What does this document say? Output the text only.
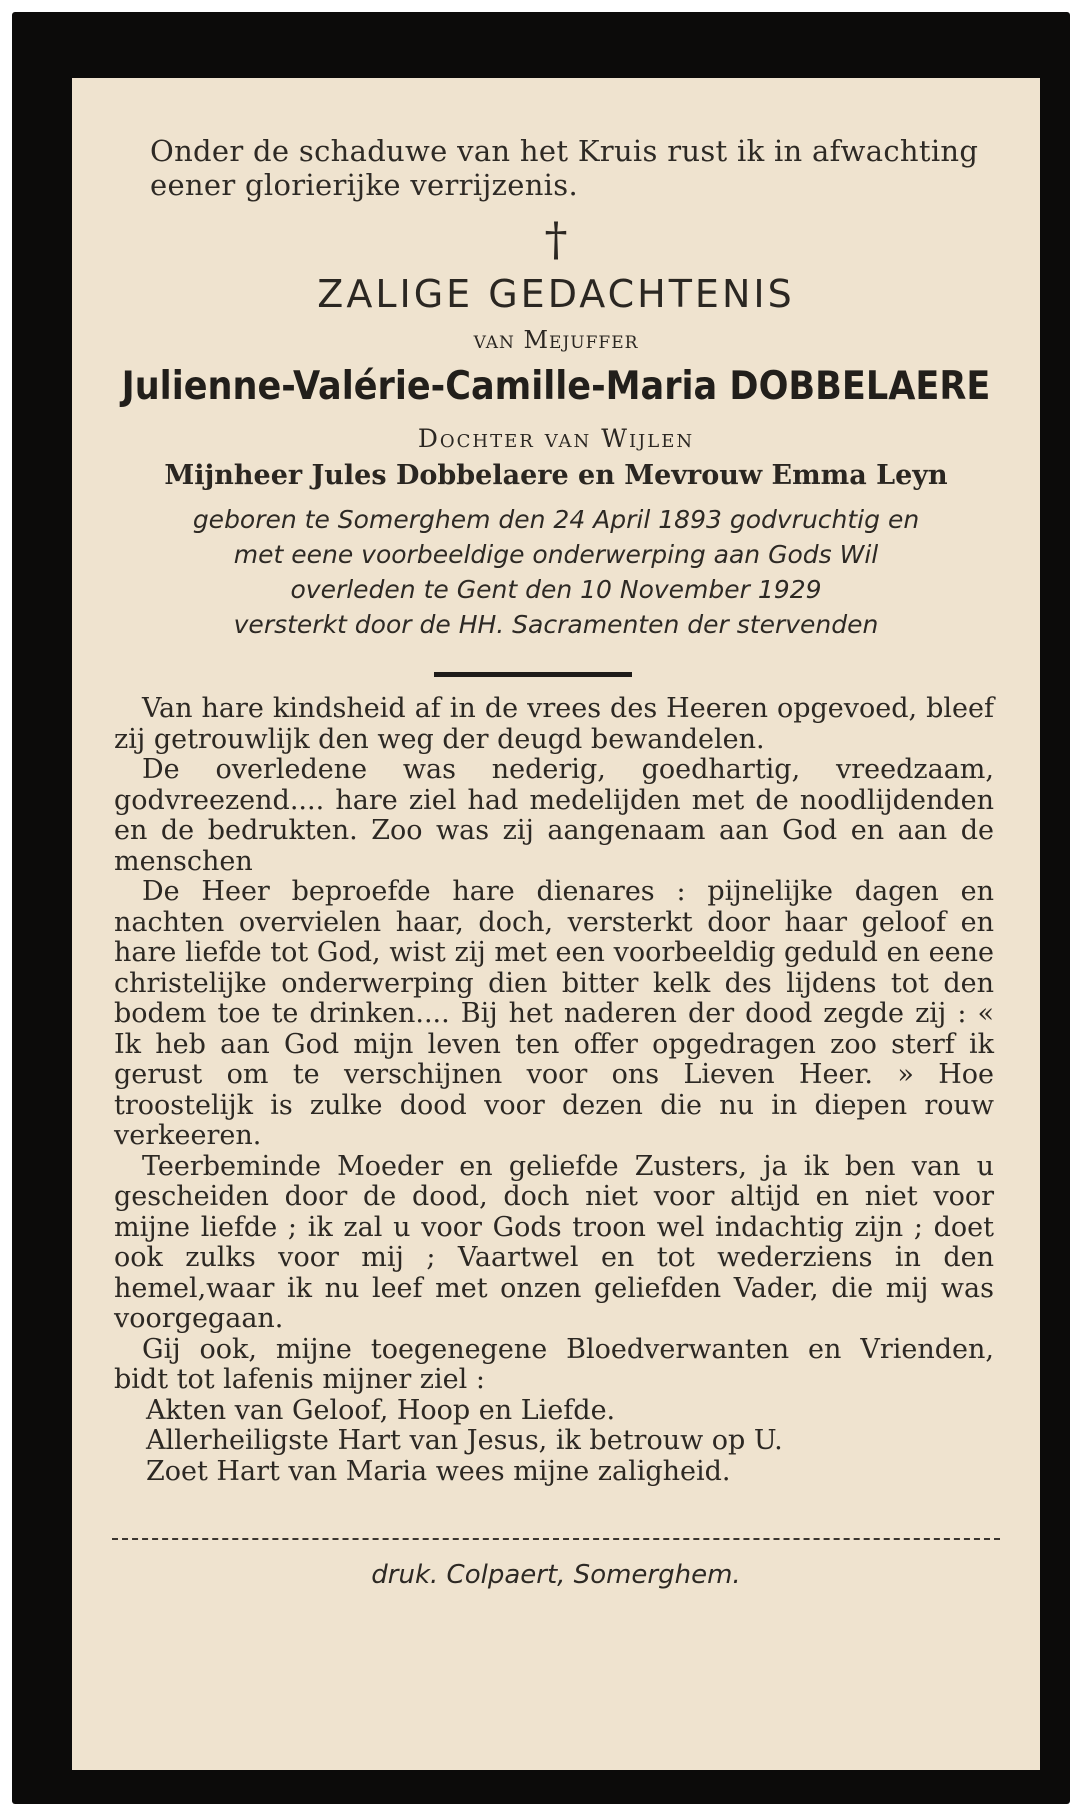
Onder de schaduwe van het Kruis rust ik in afwachting eener glorierijke verrijzenis.
†
ZALIGE GEDACHTENIS
van Mejuffer
Julienne-Valérie-Camille-Maria DOBBELAERE
Dochter van Wijlen
Mijnheer Jules Dobbelaere en Mevrouw Emma Leyn
geboren te Somerghem den 24 April 1893 godvruchtig en
met eene voorbeeldige onderwerping aan Gods Wil
overleden te Gent den 10 November 1929
versterkt door de HH. Sacramenten der stervenden

Van hare kindsheid af in de vrees des Heeren opgevoed, bleef zij getrouwlijk den weg der deugd bewandelen.

De overledene was nederig, goedhartig, vreedzaam, godvreezend.... hare ziel had medelijden met de noodlijdenden en de bedrukten. Zoo was zij aangenaam aan God en aan de menschen

De Heer beproefde hare dienares : pijnelijke dagen en nachten overvielen haar, doch, versterkt door haar geloof en hare liefde tot God, wist zij met een voorbeeldig geduld en eene christelijke onderwerping dien bitter kelk des lijdens tot den bodem toe te drinken.... Bij het naderen der dood zegde zij : « Ik heb aan God mijn leven ten offer opgedragen zoo sterf ik gerust om te verschijnen voor ons Lieven Heer. » Hoe troostelijk is zulke dood voor dezen die nu in diepen rouw verkeeren.

Teerbeminde Moeder en geliefde Zusters, ja ik ben van u gescheiden door de dood, doch niet voor altijd en niet voor mijne liefde ; ik zal u voor Gods troon wel indachtig zijn ; doet ook zulks voor mij ; Vaartwel en tot wederziens in den hemel,waar ik nu leef met onzen geliefden Vader, die mij was voorgegaan.

Gij ook, mijne toegenegene Bloedverwanten en Vrienden, bidt tot lafenis mijner ziel :

Akten van Geloof, Hoop en Liefde.

Allerheiligste Hart van Jesus, ik betrouw op U.

Zoet Hart van Maria wees mijne zaligheid.

druk. Colpaert, Somerghem.
